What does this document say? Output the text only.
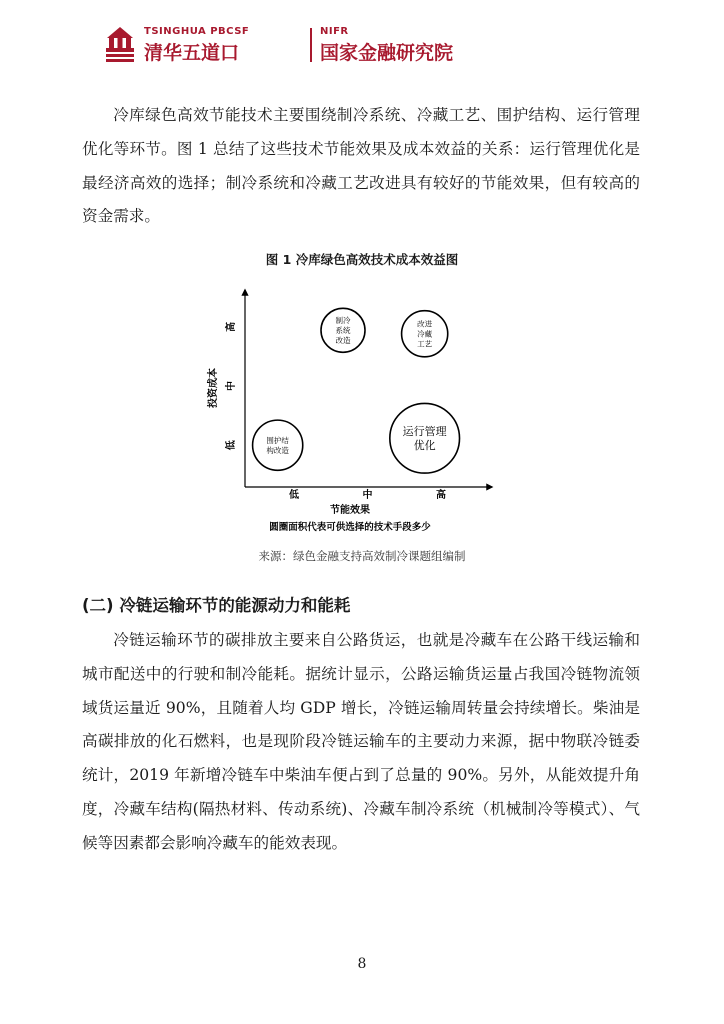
TSINGHUA PBCSF
清华五道口
NIFR
国家金融研究院

冷库绿色高效节能技术主要围绕制冷系统、冷藏工艺、围护结构、运行管理优化等环节。图 1 总结了这些技术节能效果及成本效益的关系：运行管理优化是最经济高效的选择；制冷系统和冷藏工艺改进具有较好的节能效果，但有较高的资金需求。

图 1 冷库绿色高效技术成本效益图
低
中
高
低	中	高
制冷
系统
改造
改进
冷藏
工艺
围护结
构改造
运行管理
优化
投资成本
节能效果
圆圈面积代表可供选择的技术手段多少
来源：绿色金融支持高效制冷课题组编制
(二) 冷链运输环节的能源动力和能耗

冷链运输环节的碳排放主要来自公路货运，也就是冷藏车在公路干线运输和城市配送中的行驶和制冷能耗。据统计显示，公路运输货运量占我国冷链物流领域货运量近 90%，且随着人均 GDP 增长，冷链运输周转量会持续增长。柴油是高碳排放的化石燃料，也是现阶段冷链运输车的主要动力来源，据中物联冷链委统计，2019 年新增冷链车中柴油车便占到了总量的 90%。另外，从能效提升角度，冷藏车结构(隔热材料、传动系统)、冷藏车制冷系统（机械制冷等模式）、气候等因素都会影响冷藏车的能效表现。

8
